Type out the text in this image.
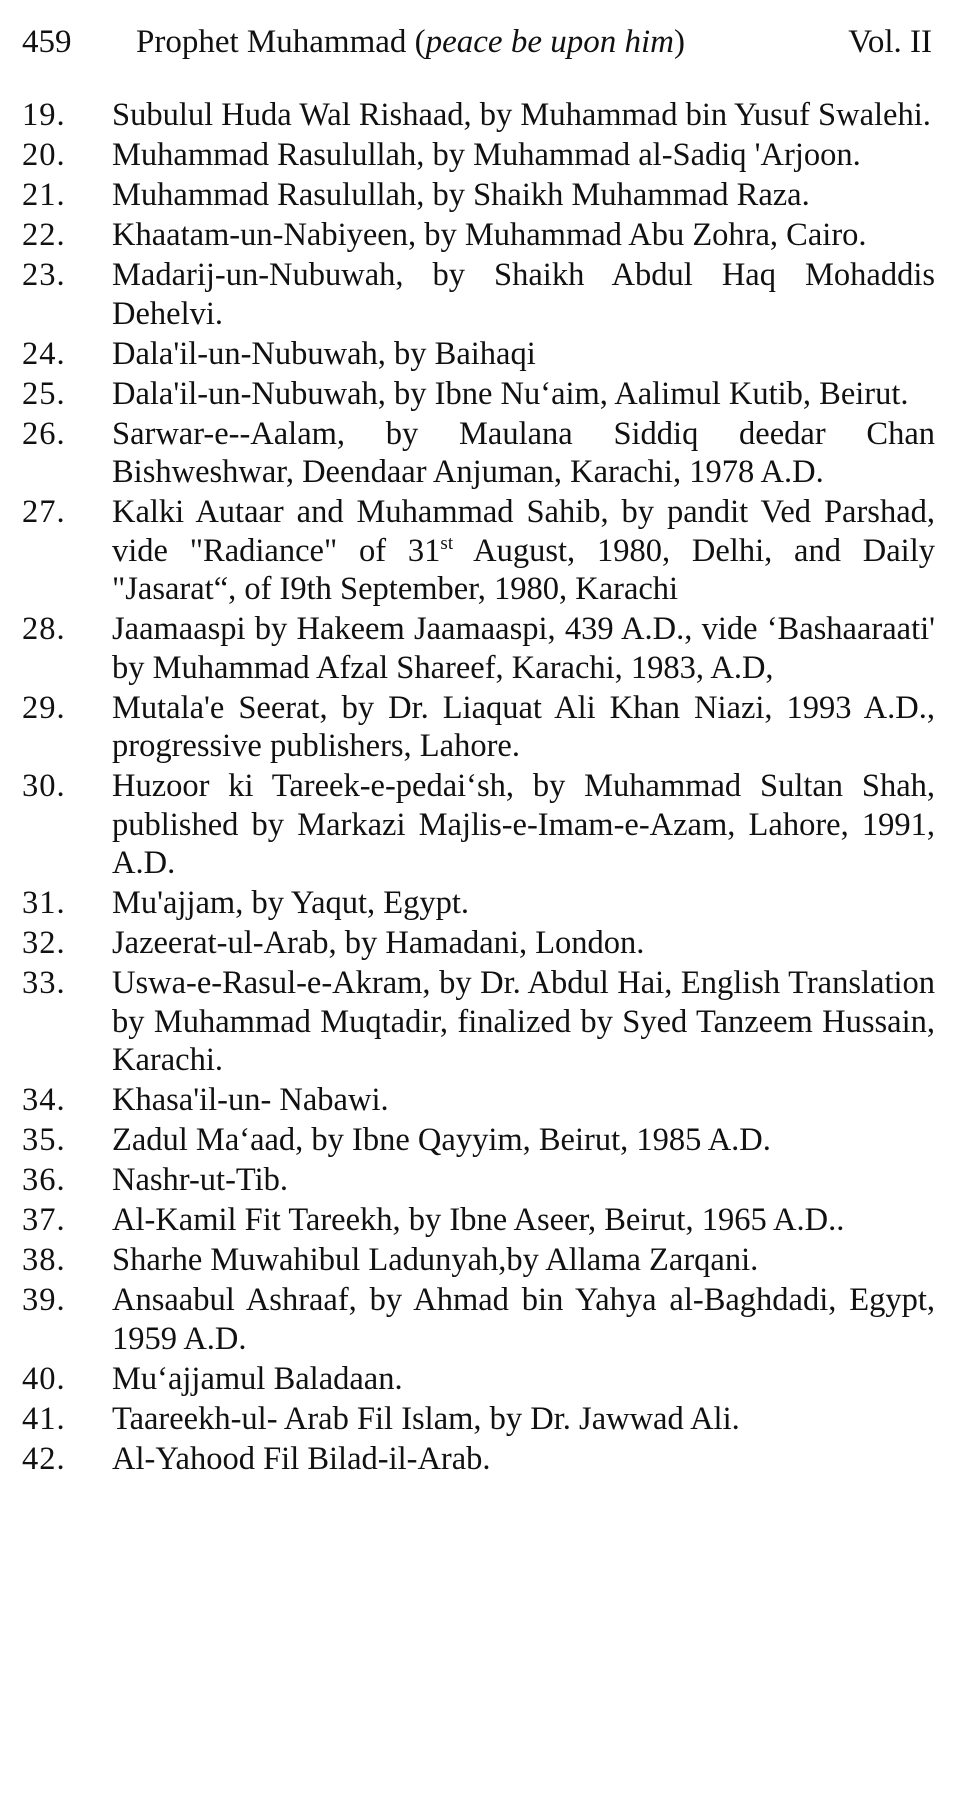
459 Prophet Muhammad (peace be upon him)	Vol. II
19.	Subulul Huda Wal Rishaad, by Muhammad bin Yusuf Swalehi.
20.	Muhammad Rasulullah, by Muhammad al-Sadiq 'Arjoon.
21.	Muhammad Rasulullah, by Shaikh Muhammad Raza.
22.	Khaatam-un-Nabiyeen, by Muhammad Abu Zohra, Cairo.
23.	Madarij-un-Nubuwah, by Shaikh Abdul Haq Mohaddis Dehelvi.
24.	Dala'il-un-Nubuwah, by Baihaqi
25.	Dala'il-un-Nubuwah, by Ibne Nu‘aim, Aalimul Kutib, Beirut.
26.	Sarwar-e--Aalam, by Maulana Siddiq deedar Chan Bishweshwar, Deendaar Anjuman, Karachi, 1978 A.D.
27.	Kalki Autaar and Muhammad Sahib, by pandit Ved Parshad, vide "Radiance" of 31st August, 1980, Delhi, and Daily "Jasarat“, of I9th September, 1980, Karachi
28.	Jaamaaspi by Hakeem Jaamaaspi, 439 A.D., vide ‘Bashaaraati' by Muhammad Afzal Shareef, Karachi, 1983, A.D,
29.	Mutala'e Seerat, by Dr. Liaquat Ali Khan Niazi, 1993 A.D., progressive publishers, Lahore.
30.	Huzoor ki Tareek-e-pedai‘sh, by Muhammad Sultan Shah, published by Markazi Majlis-e-Imam-e-Azam, Lahore, 1991, A.D.
31.	Mu'ajjam, by Yaqut, Egypt.
32.	Jazeerat-ul-Arab, by Hamadani, London.
33.	Uswa-e-Rasul-e-Akram, by Dr. Abdul Hai, English Translation by Muhammad Muqtadir, finalized by Syed Tanzeem Hussain, Karachi.
34.	Khasa'il-un- Nabawi.
35.	Zadul Ma‘aad, by Ibne Qayyim, Beirut, 1985 A.D.
36.	Nashr-ut-Tib.
37.	Al-Kamil Fit Tareekh, by Ibne Aseer, Beirut, 1965 A.D..
38.	Sharhe Muwahibul Ladunyah,by Allama Zarqani.
39.	Ansaabul Ashraaf, by Ahmad bin Yahya al-Baghdadi, Egypt, 1959 A.D.
40.	Mu‘ajjamul Baladaan.
41.	Taareekh-ul- Arab Fil Islam, by Dr. Jawwad Ali.
42.	Al-Yahood Fil Bilad-il-Arab.
